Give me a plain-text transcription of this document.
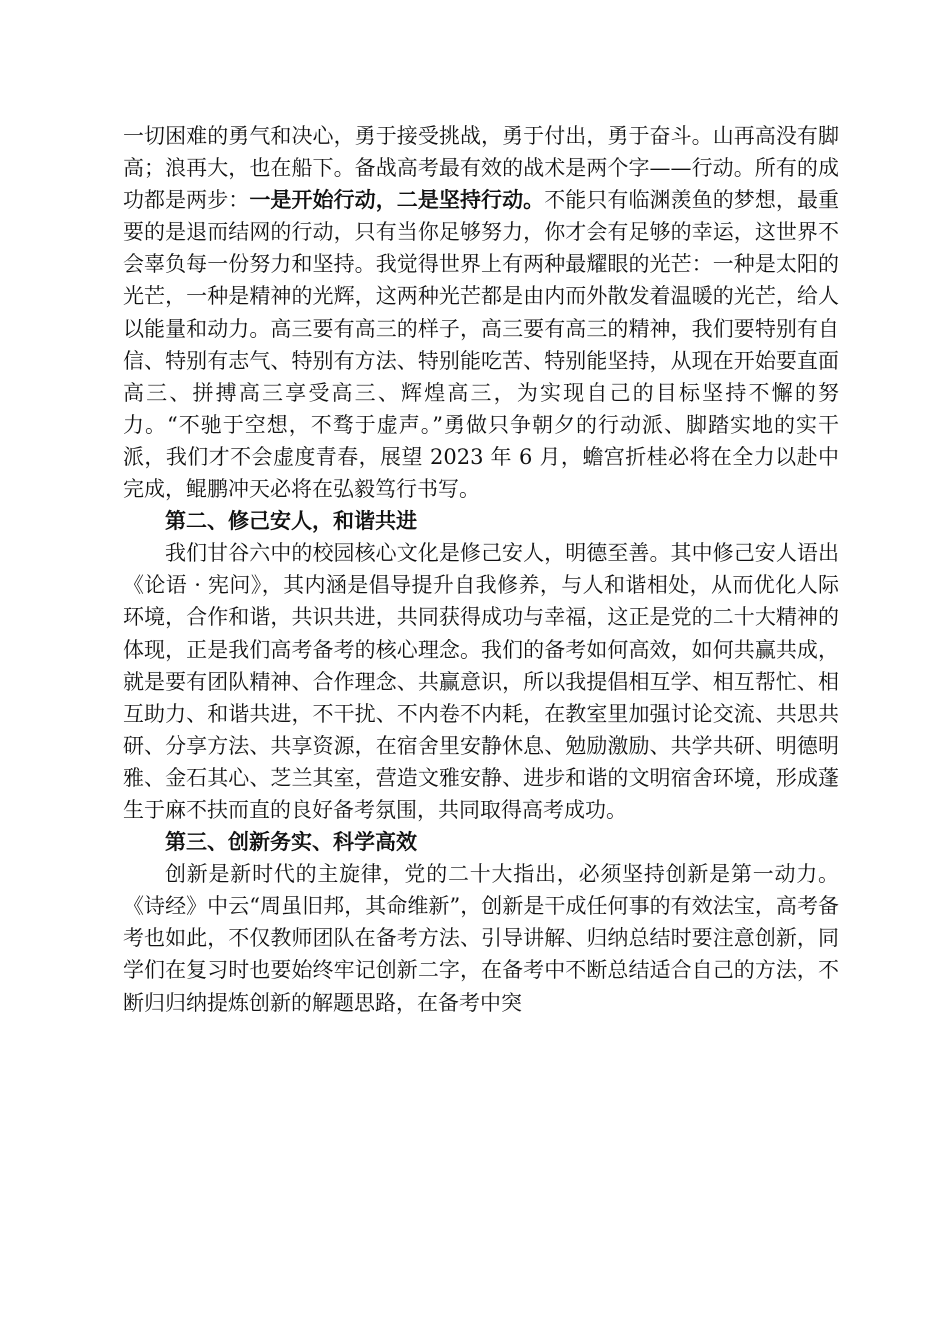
一切困难的勇气和决心，勇于接受挑战，勇于付出，勇于奋斗。山再高没有脚高；浪再大，也在船下。备战高考最有效的战术是两个字——行动。所有的成功都是两步：一是开始行动，二是坚持行动。不能只有临渊羡鱼的梦想，最重要的是退而结网的行动，只有当你足够努力，你才会有足够的幸运，这世界不会辜负每一份努力和坚持。我觉得世界上有两种最耀眼的光芒：一种是太阳的光芒，一种是精神的光辉，这两种光芒都是由内而外散发着温暖的光芒，给人以能量和动力。高三要有高三的样子，高三要有高三的精神，我们要特别有自信、特别有志气、特别有方法、特别能吃苦、特别能坚持，从现在开始要直面高三、拼搏高三享受高三、辉煌高三，为实现自己的目标坚持不懈的努力。“不驰于空想，不骛于虚声。”勇做只争朝夕的行动派、脚踏实地的实干派，我们才不会虚度青春，展望 2023 年 6 月，蟾宫折桂必将在全力以赴中完成，鲲鹏冲天必将在弘毅笃行书写。

第二、修己安人，和谐共进

我们甘谷六中的校园核心文化是修己安人，明德至善。其中修己安人语出《论语 · 宪问》，其内涵是倡导提升自我修养，与人和谐相处，从而优化人际环境，合作和谐，共识共进，共同获得成功与幸福，这正是党的二十大精神的体现，正是我们高考备考的核心理念。我们的备考如何高效，如何共赢共成，就是要有团队精神、合作理念、共赢意识，所以我提倡相互学、相互帮忙、相互助力、和谐共进，不干扰、不内卷不内耗，在教室里加强讨论交流、共思共研、分享方法、共享资源，在宿舍里安静休息、勉励激励、共学共研、明德明雅、金石其心、芝兰其室，营造文雅安静、进步和谐的文明宿舍环境，形成蓬生于麻不扶而直的良好备考氛围，共同取得高考成功。

第三、创新务实、科学高效

创新是新时代的主旋律，党的二十大指出，必须坚持创新是第一动力。《诗经》中云“周虽旧邦，其命维新”，创新是干成任何事的有效法宝，高考备考也如此，不仅教师团队在备考方法、引导讲解、归纳总结时要注意创新，同学们在复习时也要始终牢记创新二字，在备考中不断总结适合自己的方法，不断归归纳提炼创新的解题思路，在备考中突
